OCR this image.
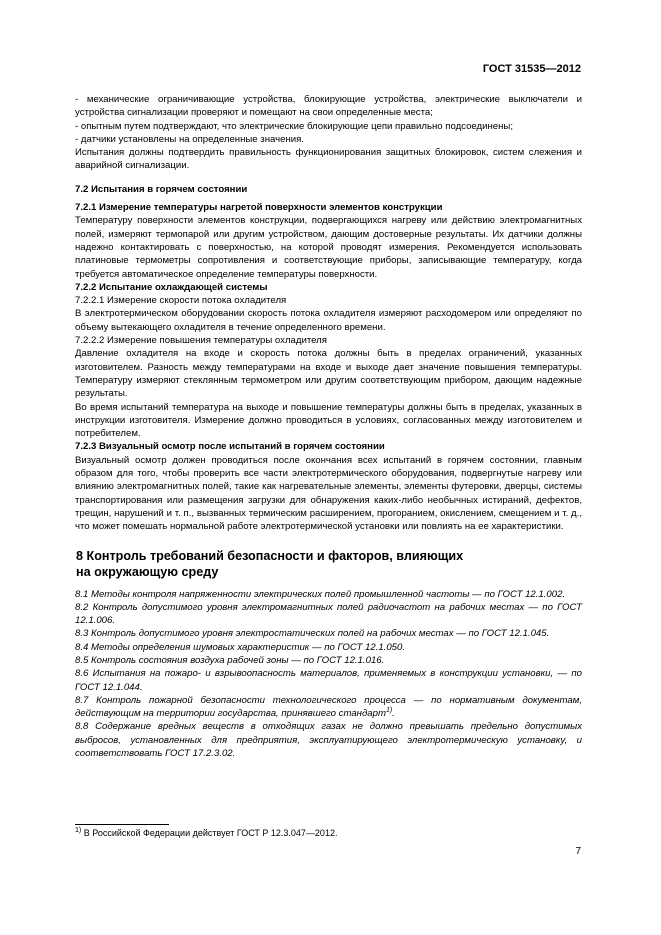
ГОСТ 31535—2012

- механические ограничивающие устройства, блокирующие устройства, электрические выключатели и устройства сигнализации проверяют и помещают на свои определенные места;

- опытным путем подтверждают, что электрические блокирующие цепи правильно подсоединены;

- датчики установлены на определенные значения.

Испытания должны подтвердить правильность функционирования защитных блокировок, систем слежения и аварийной сигнализации.

7.2 Испытания в горячем состоянии

7.2.1 Измерение температуры нагретой поверхности элементов конструкции

Температуру поверхности элементов конструкции, подвергающихся нагреву или действию электромагнитных полей, измеряют термопарой или другим устройством, дающим достоверные результаты. Их датчики должны надежно контактировать с поверхностью, на которой проводят измерения. Рекомендуется использовать платиновые термометры сопротивления и соответствующие приборы, записывающие температуру, когда требуется автоматическое определение температуры поверхности.

7.2.2 Испытание охлаждающей системы

7.2.2.1 Измерение скорости потока охладителя

В электротермическом оборудовании скорость потока охладителя измеряют расходомером или определяют по объему вытекающего охладителя в течение определенного времени.

7.2.2.2 Измерение повышения температуры охладителя

Давление охладителя на входе и скорость потока должны быть в пределах ограничений, указанных изготовителем. Разность между температурами на входе и выходе дает значение повышения температуры. Температуру измеряют стеклянным термометром или другим соответствующим прибором, дающим надежные результаты.

Во время испытаний температура на выходе и повышение температуры должны быть в пределах, указанных в инструкции изготовителя. Измерение должно проводиться в условиях, согласованных между изготовителем и потребителем.

7.2.3 Визуальный осмотр после испытаний в горячем состоянии

Визуальный осмотр должен проводиться после окончания всех испытаний в горячем состоянии, главным образом для того, чтобы проверить все части электротермического оборудования, подвергнутые нагреву или влиянию электромагнитных полей, такие как нагревательные элементы, элементы футеровки, дверцы, системы транспортирования или размещения загрузки для обнаружения каких-либо необычных истираний, дефектов, трещин, нарушений и т. п., вызванных термическим расширением, прогоранием, окислением, смещением и т. д., что может помешать нормальной работе электротермической установки или повлиять на ее характеристики.

8 Контроль требований безопасности и факторов, влияющих
на окружающую среду

8.1 Методы контроля напряженности электрических полей промышленной частоты — по ГОСТ 12.1.002.

8.2 Контроль допустимого уровня электромагнитных полей радиочастот на рабочих местах — по ГОСТ 12.1.006.

8.3 Контроль допустимого уровня электростатических полей на рабочих местах — по ГОСТ 12.1.045.

8.4 Методы определения шумовых характеристик — по ГОСТ 12.1.050.

8.5 Контроль состояния воздуха рабочей зоны — по ГОСТ 12.1.016.

8.6 Испытания на пожаро- и взрывоопасность материалов, применяемых в конструкции установки, — по ГОСТ 12.1.044.

8.7 Контроль пожарной безопасности технологического процесса — по нормативным документам, действующим на территории государства, принявшего стандарт$^{1)}$.

8.8 Содержание вредных веществ в отходящих газах не должно превышать предельно допустимых выбросов, установленных для предприятия, эксплуатирующего электротермическую установку, и соответствовать ГОСТ 17.2.3.02.

$^{1)}$ В Российской Федерации действует ГОСТ Р 12.3.047—2012.
7
